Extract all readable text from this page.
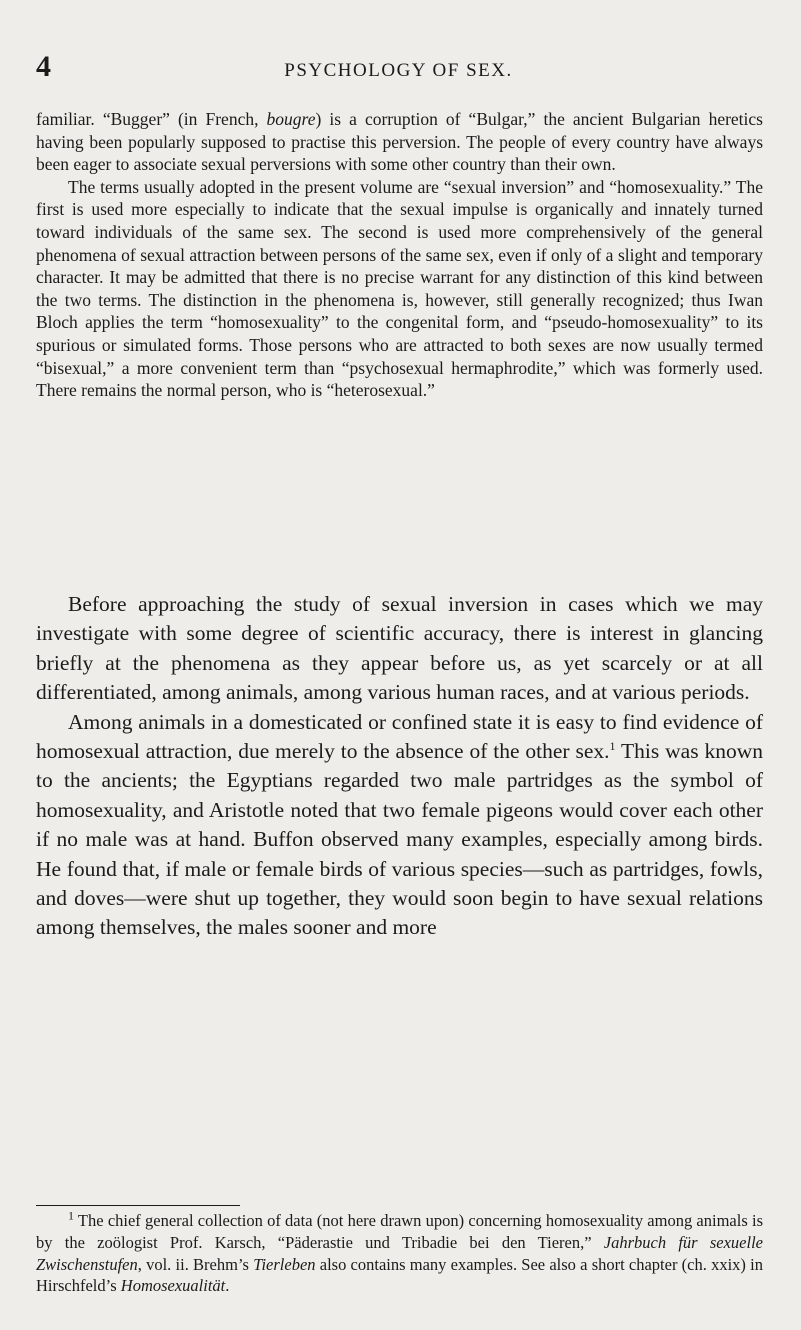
4	PSYCHOLOGY OF SEX.

familiar. “Bugger” (in French, bougre) is a corruption of “Bulgar,” the ancient Bulgarian heretics having been popularly supposed to practise this perversion. The people of every country have always been eager to associate sexual perversions with some other country than their own.

The terms usually adopted in the present volume are “sexual inversion” and “homosexuality.” The first is used more especially to indicate that the sexual impulse is organically and innately turned toward individuals of the same sex. The second is used more comprehensively of the general phenomena of sexual attraction between persons of the same sex, even if only of a slight and temporary character. It may be admitted that there is no precise warrant for any distinction of this kind between the two terms. The distinction in the phenomena is, however, still generally recognized; thus Iwan Bloch applies the term “homosexuality” to the congenital form, and “pseudo-homosexuality” to its spurious or simulated forms. Those persons who are attracted to both sexes are now usually termed “bisexual,” a more convenient term than “psychosexual hermaphrodite,” which was formerly used. There remains the normal person, who is “heterosexual.”

Before approaching the study of sexual inversion in cases which we may investigate with some degree of scientific accuracy, there is interest in glancing briefly at the phenomena as they appear before us, as yet scarcely or at all differentiated, among animals, among various human races, and at various periods.

Among animals in a domesticated or confined state it is easy to find evidence of homosexual attraction, due merely to the absence of the other sex.$^1$ This was known to the ancients; the Egyptians regarded two male partridges as the symbol of homosexuality, and Aristotle noted that two female pigeons would cover each other if no male was at hand. Buffon observed many examples, especially among birds. He found that, if male or female birds of various species—such as partridges, fowls, and doves—were shut up together, they would soon begin to have sexual relations among themselves, the males sooner and more

$^1$ The chief general collection of data (not here drawn upon) concerning homosexuality among animals is by the zoölogist Prof. Karsch, “Päderastie und Tribadie bei den Tieren,” Jahrbuch für sexuelle Zwischenstufen, vol. ii. Brehm’s Tierleben also contains many examples. See also a short chapter (ch. xxix) in Hirschfeld’s Homosexualität.
